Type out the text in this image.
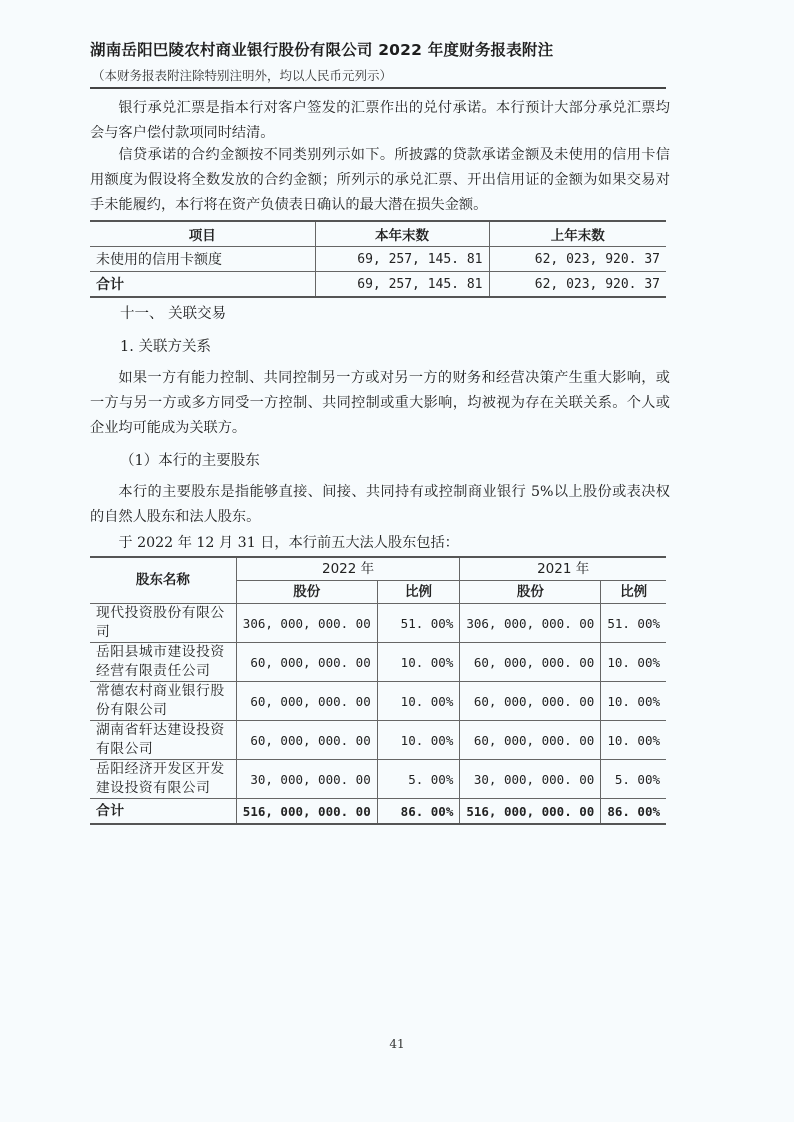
湖南岳阳巴陵农村商业银行股份有限公司 2022 年度财务报表附注
（本财务报表附注除特别注明外，均以人民币元列示）
银行承兑汇票是指本行对客户签发的汇票作出的兑付承诺。本行预计大部分承兑汇票均会与客户偿付款项同时结清。
信贷承诺的合约金额按不同类别列示如下。所披露的贷款承诺金额及未使用的信用卡信用额度为假设将全数发放的合约金额；所列示的承兑汇票、开出信用证的金额为如果交易对手未能履约，本行将在资产负债表日确认的最大潜在损失金额。
项目	本年末数	上年末数
未使用的信用卡额度	69, 257, 145. 81	62, 023, 920. 37
合计	69, 257, 145. 81	62, 023, 920. 37
十一、 关联交易
1. 关联方关系
如果一方有能力控制、共同控制另一方或对另一方的财务和经营决策产生重大影响，或一方与另一方或多方同受一方控制、共同控制或重大影响，均被视为存在关联关系。个人或企业均可能成为关联方。
（1）本行的主要股东
本行的主要股东是指能够直接、间接、共同持有或控制商业银行 5%以上股份或表决权的自然人股东和法人股东。
于 2022 年 12 月 31 日，本行前五大法人股东包括：
股东名称	2022 年		2021 年	
	股份	比例	股份	比例
现代投资股份有限公司	306, 000, 000. 00	51. 00%	306, 000, 000. 00	51. 00%
岳阳县城市建设投资经营有限责任公司	60, 000, 000. 00	10. 00%	60, 000, 000. 00	10. 00%
常德农村商业银行股份有限公司	60, 000, 000. 00	10. 00%	60, 000, 000. 00	10. 00%
湖南省轩达建设投资有限公司	60, 000, 000. 00	10. 00%	60, 000, 000. 00	10. 00%
岳阳经济开发区开发建设投资有限公司	30, 000, 000. 00	5. 00%	30, 000, 000. 00	5. 00%
合计	516, 000, 000. 00	86. 00%	516, 000, 000. 00	86. 00%
41
